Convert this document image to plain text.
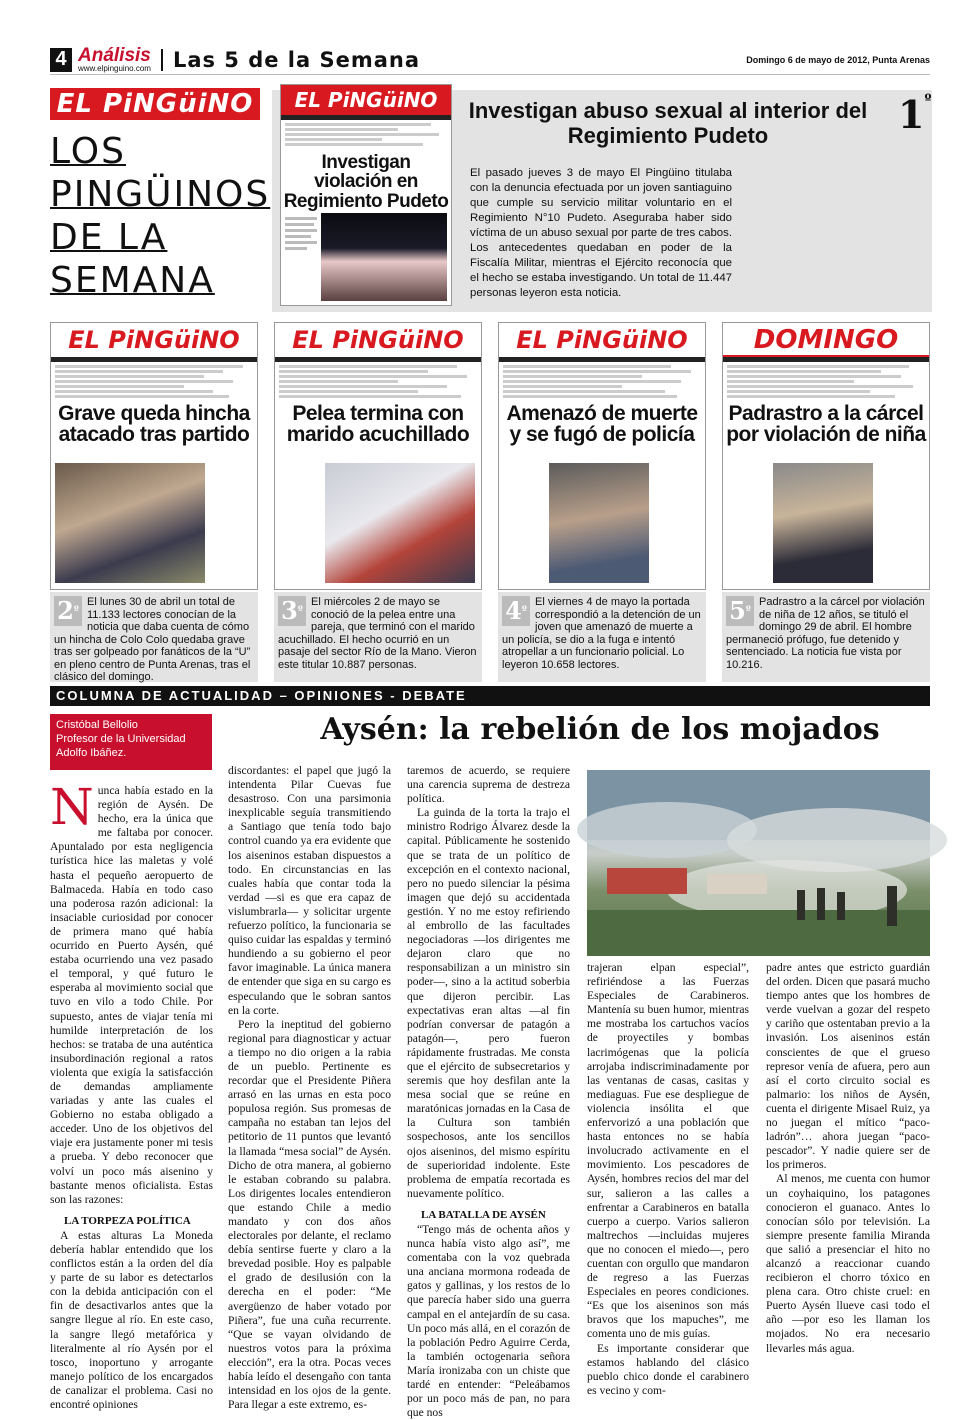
4 Análisis
www.elpinguino.com Las 5 de la Semana	Domingo 6 de mayo de 2012, Punta Arenas
EL PiNGüiNO
LOS
PINGÜINOS
DE LA
SEMANA
EL PiNGüiNO
Investigan violación en Regimiento Pudeto
Investigan abuso sexual al interior del Regimiento Pudeto	$1^º$
El pasado jueves 3 de mayo El Pingüino titulaba con la denuncia efectuada por un joven santiaguino que cumple su servicio militar voluntario en el Regimiento N°10 Pudeto. Aseguraba haber sido víctima de un abuso sexual por parte de tres cabos. Los antecedentes quedaban en poder de la Fiscalía Militar, mientras el Ejército reconocía que el hecho se estaba investigando. Un total de 11.447 personas leyeron esta noticia.
EL PiNGüiNO
Grave queda hincha atacado tras partido
$2^º$
El lunes 30 de abril un total de 11.133 lectores conocían de la noticia que daba cuenta de cómo un hincha de Colo Colo quedaba grave tras ser golpeado por fanáticos de la “U” en pleno centro de Punta Arenas, tras el clásico del domingo.
EL PiNGüiNO
Pelea termina con marido acuchillado
$3^º$
El miércoles 2 de mayo se conoció de la pelea entre una pareja, que terminó con el marido acuchillado. El hecho ocurrió en un pasaje del sector Río de la Mano. Vieron este titular 10.887 personas.
EL PiNGüiNO
Amenazó de muerte y se fugó de policía
$4^º$
El viernes 4 de mayo la portada correspondió a la detención de un joven que amenazó de muerte a un policía, se dio a la fuga e intentó atropellar a un funcionario policial. Lo leyeron 10.658 lectores.
DOMINGO
Padrastro a la cárcel por violación de niña
$5^º$
Padrastro a la cárcel por violación de niña de 12 años, se tituló el domingo 29 de abril. El hombre permaneció prófugo, fue detenido y sentenciado. La noticia fue vista por 10.216.
COLUMNA DE ACTUALIDAD – OPINIONES - DEBATE
Cristóbal Bellolio
Profesor de la Universidad
Adolfo Ibáñez.
Aysén: la rebelión de los mojados
N unca había estado en la región de Aysén. De hecho, era la única que me faltaba por conocer. Apuntalado por esta negligencia turística hice las maletas y volé hasta el pequeño aeropuerto de Balmaceda. Había en todo caso una poderosa razón adicional: la insaciable curiosidad por conocer de primera mano qué había ocurrido en Puerto Aysén, qué estaba ocurriendo una vez pasado el temporal, y qué futuro le esperaba al movimiento social que tuvo en vilo a todo Chile. Por supuesto, antes de viajar tenía mi humilde interpretación de los hechos: se trataba de una auténtica insubordinación regional a ratos violenta que exigía la satisfacción de demandas ampliamente variadas y ante las cuales el Gobierno no estaba obligado a acceder. Uno de los objetivos del viaje era justamente poner mi tesis a prueba. Y debo reconocer que volví un poco más aisenino y bastante menos oficialista. Estas son las razones:
LA TORPEZA POLÍTICA

A estas alturas La Moneda debería hablar entendido que los conflictos están a la orden del día y parte de su labor es detectarlos con la debida anticipación con el fin de desactivarlos antes que la sangre llegue al río. En este caso, la sangre llegó metafórica y literalmente al río Aysén por el tosco, inoportuno y arrogante manejo político de los encargados de canalizar el problema. Casi no encontré opiniones

discordantes: el papel que jugó la intendenta Pilar Cuevas fue desastroso. Con una parsimonia inexplicable seguía transmitiendo a Santiago que tenía todo bajo control cuando ya era evidente que los aiseninos estaban dispuestos a todo. En circunstancias en las cuales había que contar toda la verdad —si es que era capaz de vislumbrarla— y solicitar urgente refuerzo político, la funcionaria se quiso cuidar las espaldas y terminó hundiendo a su gobierno el peor favor imaginable. La única manera de entender que siga en su cargo es especulando que le sobran santos en la corte.

Pero la ineptitud del gobierno regional para diagnosticar y actuar a tiempo no dio origen a la rabia de un pueblo. Pertinente es recordar que el Presidente Piñera arrasó en las urnas en esta poco populosa región. Sus promesas de campaña no estaban tan lejos del petitorio de 11 puntos que levantó la llamada “mesa social” de Aysén. Dicho de otra manera, al gobierno le estaban cobrando su palabra. Los dirigentes locales entendieron que estando Chile a medio mandato y con dos años electorales por delante, el reclamo debía sentirse fuerte y claro a la brevedad posible. Hoy es palpable el grado de desilusión con la derecha en el poder: “Me avergüenzo de haber votado por Piñera”, fue una cuña recurrente. “Que se vayan olvidando de nuestros votos para la próxima elección”, era la otra. Pocas veces había leído el desengaño con tanta intensidad en los ojos de la gente. Para llegar a este extremo, es-

taremos de acuerdo, se requiere una carencia suprema de destreza política.

La guinda de la torta la trajo el ministro Rodrigo Álvarez desde la capital. Públicamente he sostenido que se trata de un político de excepción en el contexto nacional, pero no puedo silenciar la pésima imagen que dejó su accidentada gestión. Y no me estoy refiriendo al embrollo de las facultades negociadoras —los dirigentes me dejaron claro que no responsabilizan a un ministro sin poder—, sino a la actitud soberbia que dijeron percibir. Las expectativas eran altas —al fin podrían conversar de patagón a patagón—, pero fueron rápidamente frustradas. Me consta que el ejército de subsecretarios y seremis que hoy desfilan ante la mesa social que se reúne en maratónicas jornadas en la Casa de la Cultura son también sospechosos, ante los sencillos ojos aiseninos, del mismo espíritu de superioridad indolente. Este problema de empatía recortada es nuevamente político.

LA BATALLA DE AYSÉN

“Tengo más de ochenta años y nunca había visto algo así”, me comentaba con la voz quebrada una anciana mormona rodeada de gatos y gallinas, y los restos de lo que parecía haber sido una guerra campal en el antejardín de su casa. Un poco más allá, en el corazón de la población Pedro Aguirre Cerda, la también octogenaria señora María ironizaba con un chiste que tardé en entender: “Peleábamos por un poco más de pan, no para que nos

trajeran elpan especial”, refiriéndose a las Fuerzas Especiales de Carabineros. Mantenía su buen humor, mientras me mostraba los cartuchos vacíos de proyectiles y bombas lacrimógenas que la policía arrojaba indiscriminadamente por las ventanas de casas, casitas y mediaguas. Fue ese despliegue de violencia insólita el que enfervorizó a una población que hasta entonces no se había involucrado activamente en el movimiento. Los pescadores de Aysén, hombres recios del mar del sur, salieron a las calles a enfrentar a Carabineros en batalla cuerpo a cuerpo. Varios salieron maltrechos —incluidas mujeres que no conocen el miedo—, pero cuentan con orgullo que mandaron de regreso a las Fuerzas Especiales en peores condiciones. “Es que los aiseninos son más bravos que los mapuches”, me comenta uno de mis guías.

Es importante considerar que estamos hablando del clásico pueblo chico donde el carabinero es vecino y com-

padre antes que estricto guardián del orden. Dicen que pasará mucho tiempo antes que los hombres de verde vuelvan a gozar del respeto y cariño que ostentaban previo a la invasión. Los aiseninos están conscientes de que el grueso represor venía de afuera, pero aun así el corto circuito social es palmario: los niños de Aysén, cuenta el dirigente Misael Ruiz, ya no juegan el mítico “paco-ladrón”… ahora juegan “paco-pescador”. Y nadie quiere ser de los primeros.

Al menos, me cuenta con humor un coyhaiquino, los patagones conocieron el guanaco. Antes lo conocían sólo por televisión. La siempre presente familia Miranda que salió a presenciar el hito no alcanzó a reaccionar cuando recibieron el chorro tóxico en plena cara. Otro chiste cruel: en Puerto Aysén llueve casi todo el año —por eso les llaman los mojados. No era necesario llevarles más agua.
